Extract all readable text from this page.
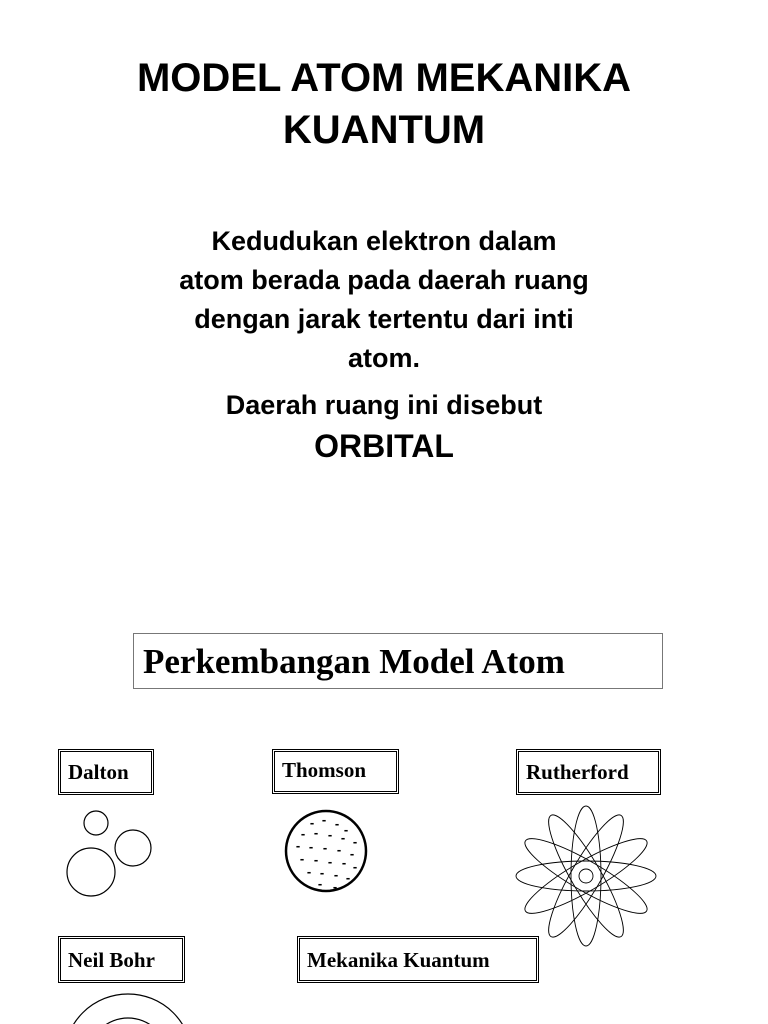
MODEL ATOM MEKANIKA
KUANTUM
Kedudukan elektron dalam
atom berada pada daerah ruang
dengan jarak tertentu dari inti
atom.
Daerah ruang ini disebut
ORBITAL
Perkembangan Model Atom
Dalton	Thomson	Rutherford
Neil Bohr	Mekanika Kuantum
- - - -
- - - - -
- - - - -
- - - - -
- - - -
- -
